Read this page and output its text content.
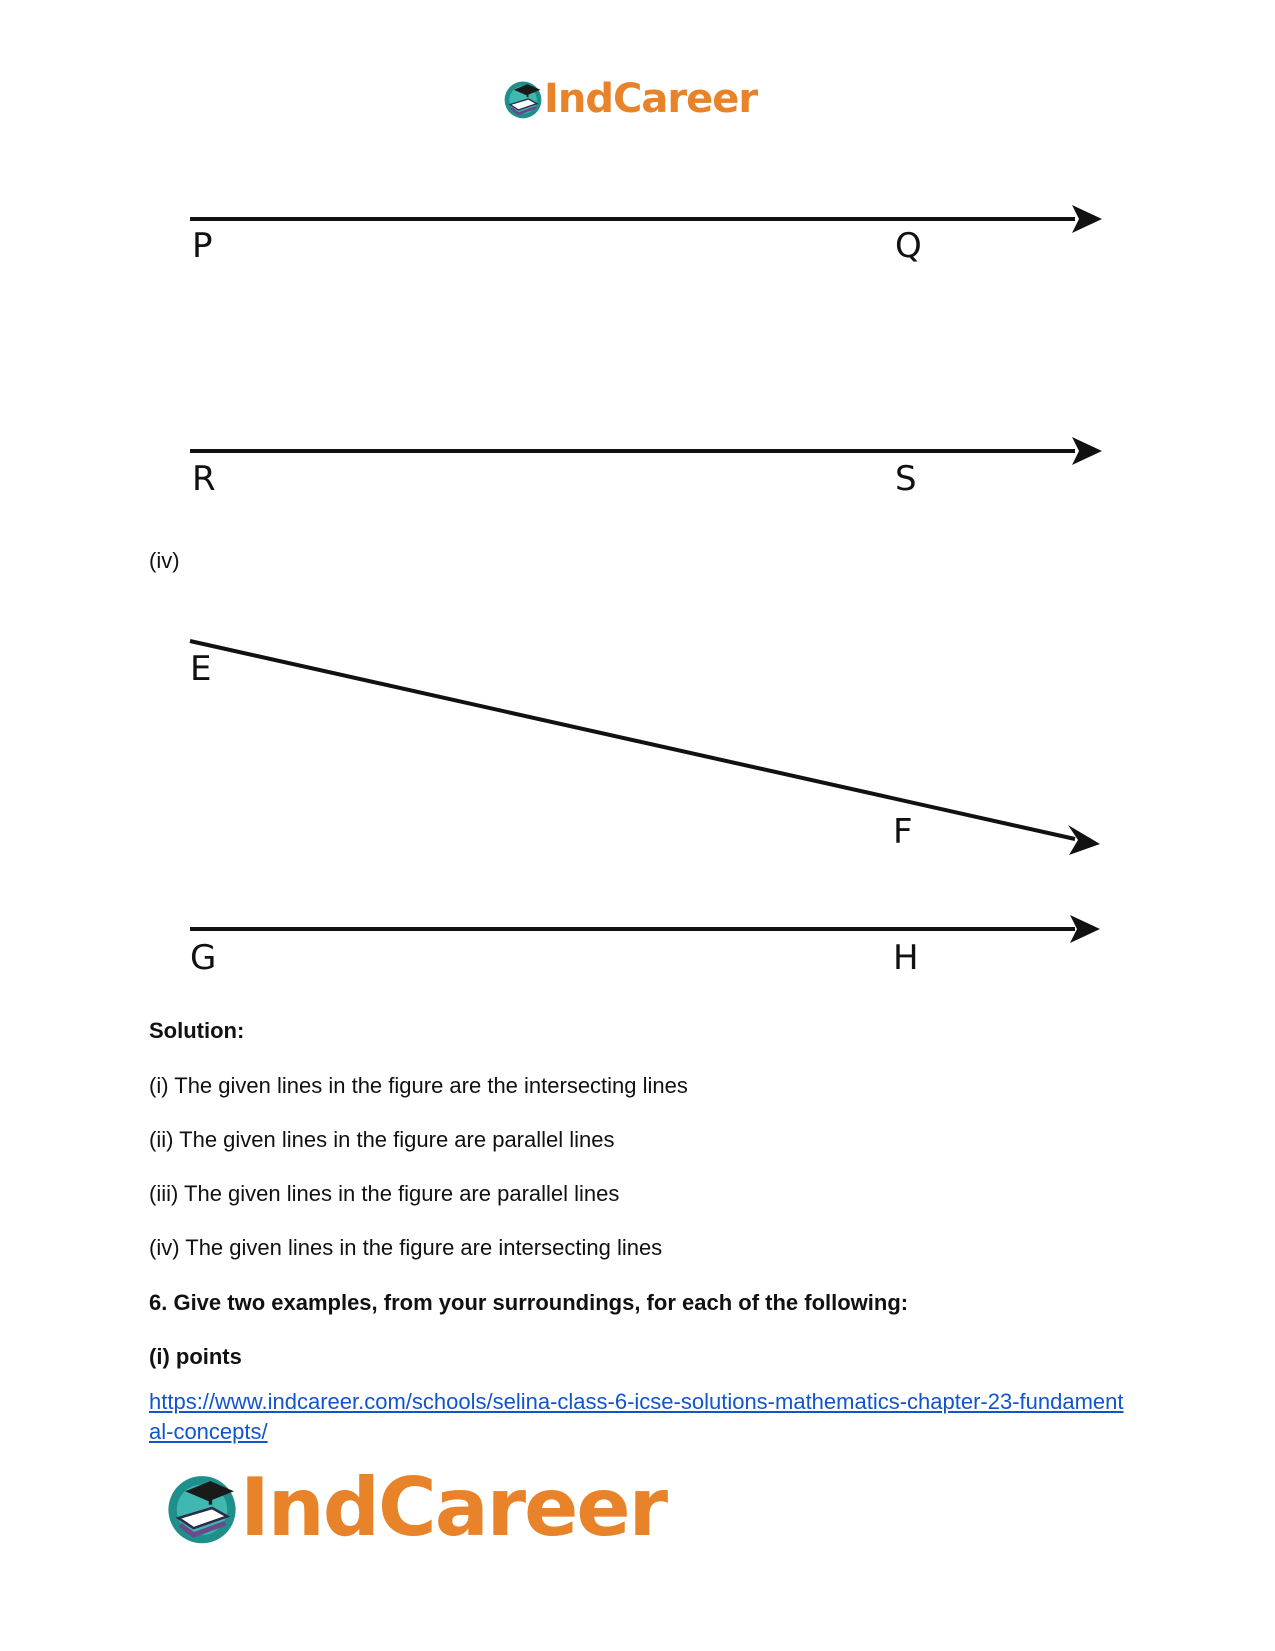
IndCareer
P	Q
R	S
E
F
G	H
(iv)
Solution:
(i) The given lines in the figure are the intersecting lines
(ii) The given lines in the figure are parallel lines
(iii) The given lines in the figure are parallel lines
(iv) The given lines in the figure are intersecting lines
6. Give two examples, from your surroundings, for each of the following:
(i) points
https://www.indcareer.com/schools/selina-class-6-icse-solutions-mathematics-chapter-23-fundamental-concepts/
IndCareer
